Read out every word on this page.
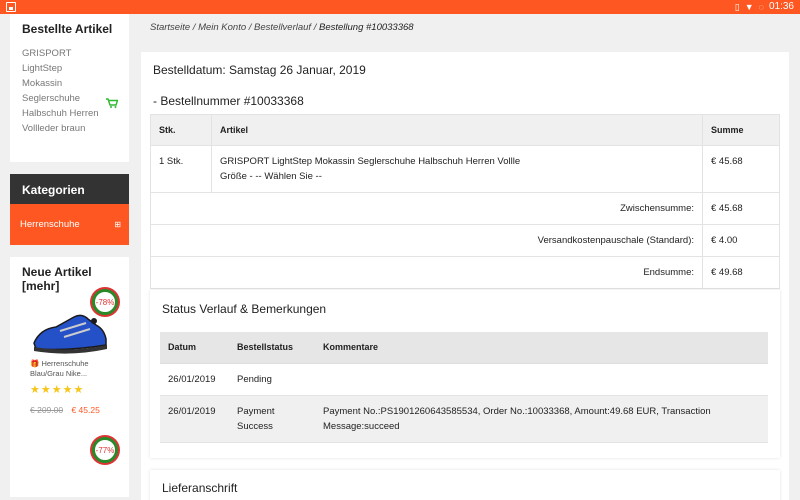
▯ ▼ ◌ 01:36
Bestellte Artikel
GRISPORT LightStep Mokassin Seglerschuhe Halbschuh Herren Vollleder braun
Kategorien
Herrenschuhe	⊞
Neue Artikel [mehr]
-78%
🎁 Herrenschuhe
Blau/Grau Nike...
★★★★★
€ 209.00 € 45.25
-77%
Startseite / Mein Konto / Bestellverlauf / Bestellung #10033368
Bestelldatum: Samstag 26 Januar, 2019
- Bestellnummer #10033368
Stk.	Artikel	Summe
1 Stk.	GRISPORT LightStep Mokassin Seglerschuhe Halbschuh Herren Vollle
Größe - -- Wählen Sie --	€ 45.68
Zwischensumme:		€ 45.68
Versandkostenpauschale (Standard):		€ 4.00
Endsumme:		€ 49.68
Status Verlauf & Bemerkungen
Datum	Bestellstatus	Kommentare
26/01/2019	Pending	
26/01/2019	Payment Success	Payment No.:PS1901260643585534, Order No.:10033368, Amount:49.68 EUR, Transaction Message:succeed
Lieferanschrift
